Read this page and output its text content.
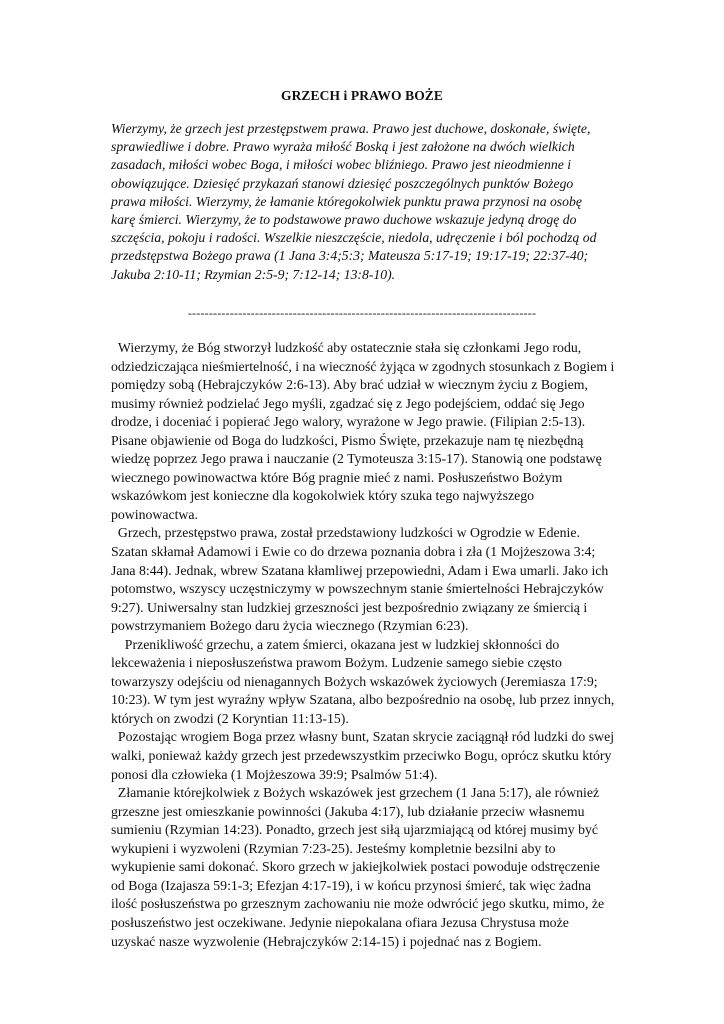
GRZECH i PRAWO BOŻE

Wierzymy, że grzech jest przestępstwem prawa. Prawo jest duchowe, doskonałe, święte, sprawiedliwe i dobre. Prawo wyraża miłość Boską i jest założone na dwóch wielkich zasadach, miłości wobec Boga, i miłości wobec bliźniego. Prawo jest nieodmienne i obowiązujące. Dziesięć przykazań stanowi dziesięć poszczególnych punktów Bożego prawa miłości. Wierzymy, że łamanie któregokolwiek punktu prawa przynosi na osobę karę śmierci. Wierzymy, że to podstawowe prawo duchowe wskazuje jedyną drogę do szczęścia, pokoju i radości. Wszelkie nieszczęście, niedola, udręczenie i ból pochodzą od przedstępstwa Bożego prawa (1 Jana 3:4;5:3; Mateusza 5:17-19; 19:17-19; 22:37-40; Jakuba 2:10-11; Rzymian 2:5-9; 7:12-14; 13:8-10).

-----------------------------------------------------------------------------------

Wierzymy, że Bóg stworzył ludzkość aby ostatecznie stała się członkami Jego rodu, odziedziczająca nieśmiertelność, i na wieczność żyjąca w zgodnych stosunkach z Bogiem i pomiędzy sobą (Hebrajczyków 2:6-13). Aby brać udział w wiecznym życiu z Bogiem, musimy również podzielać Jego myśli, zgadzać się z Jego podejściem, oddać się Jego drodze, i doceniać i popierać Jego walory, wyrażone w Jego prawie. (Filipian 2:5-13). Pisane objawienie od Boga do ludzkości, Pismo Święte, przekazuje nam tę niezbędną wiedzę poprzez Jego prawa i nauczanie (2 Tymoteusza 3:15-17). Stanowią one podstawę wiecznego powinowactwa które Bóg pragnie mieć z nami. Posłuszeństwo Bożym wskazówkom jest konieczne dla kogokolwiek który szuka tego najwyższego powinowactwa.

Grzech, przestępstwo prawa, został przedstawiony ludzkości w Ogrodzie w Edenie. Szatan skłamał Adamowi i Ewie co do drzewa poznania dobra i zła (1 Mojżeszowa 3:4; Jana 8:44). Jednak, wbrew Szatana kłamliwej przepowiedni, Adam i Ewa umarli. Jako ich potomstwo, wszyscy uczęstniczymy w powszechnym stanie śmiertelności Hebrajczyków 9:27). Uniwersalny stan ludzkiej grzeszności jest bezpośrednio związany ze śmiercią i powstrzymaniem Bożego daru życia wiecznego (Rzymian 6:23).

Przenikliwość grzechu, a zatem śmierci, okazana jest w ludzkiej skłonności do lekceważenia i nieposłuszeństwa prawom Bożym. Ludzenie samego siebie często towarzyszy odejściu od nienagannych Bożych wskazówek życiowych (Jeremiasza 17:9; 10:23). W tym jest wyraźny wpływ Szatana, albo bezpośrednio na osobę, lub przez innych, których on zwodzi (2 Koryntian 11:13-15).

Pozostając wrogiem Boga przez własny bunt, Szatan skrycie zaciągnął ród ludzki do swej walki, ponieważ każdy grzech jest przedewszystkim przeciwko Bogu, oprócz skutku który ponosi dla człowieka (1 Mojżeszowa 39:9; Psalmów 51:4).

Złamanie którejkolwiek z Bożych wskazówek jest grzechem (1 Jana 5:17), ale również grzeszne jest omieszkanie powinności (Jakuba 4:17), lub działanie przeciw własnemu sumieniu (Rzymian 14:23). Ponadto, grzech jest siłą ujarzmiającą od której musimy być wykupieni i wyzwoleni (Rzymian 7:23-25). Jesteśmy kompletnie bezsilni aby to wykupienie sami dokonać. Skoro grzech w jakiejkolwiek postaci powoduje odstręczenie od Boga (Izajasza 59:1-3; Efezjan 4:17-19), i w końcu przynosi śmierć, tak więc żadna ilość posłuszeństwa po grzesznym zachowaniu nie może odwrócić jego skutku, mimo, że posłuszeństwo jest oczekiwane. Jedynie niepokalana ofiara Jezusa Chrystusa może uzyskać nasze wyzwolenie (Hebrajczyków 2:14-15) i pojednać nas z Bogiem.
